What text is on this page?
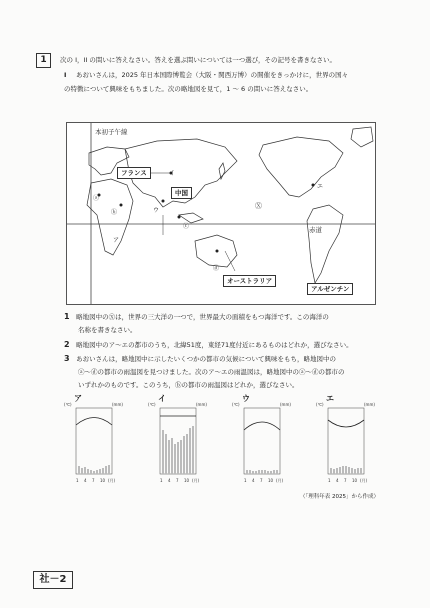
1	次の I，II の問いに答えなさい。答えを選ぶ問いについては一つ選び，その記号を書きなさい。
I あおいさんは，2025 年日本国際博覧会（大阪・関西万博）の開催をきっかけに，世界の国々
の特徴について興味をもちました。次の略地図を見て，1 ～ 6 の問いに答えなさい。
本初子午線
赤道
フランス
中国
オーストラリア
アルゼンチン
Ⓧ
ⓐ
ⓑ
ⓒ
ⓓ
ア
イ
ウ
エ
1　 略地図中のⓍは，世界の三大洋の一つで，世界最大の面積をもつ海洋です。この海洋の
名称を書きなさい。
2　 略地図中のア～エの都市のうち，北緯51度，東経71度付近にあるものはどれか，選びなさい。
3　 あおいさんは，略地図中に示したいくつかの都市の気候について興味をもち，略地図中の
ⓐ～ⓓの都市の雨温図を見つけました。次のア～エの雨温図は，略地図中のⓐ～ⓓの都市の
いずれかのものです。このうち，ⓑの都市の雨温図はどれか，選びなさい。
ア	イ	ウ	エ
(℃)	(mm)	(℃)	(mm)	(℃)	(mm)	(℃)	(mm)
1 4 7 10 (月)	1 4 7 10 (月)	1 4 7 10 (月)	1 4 7 10 (月)
（「理科年表 2025」から作成）
社－2
